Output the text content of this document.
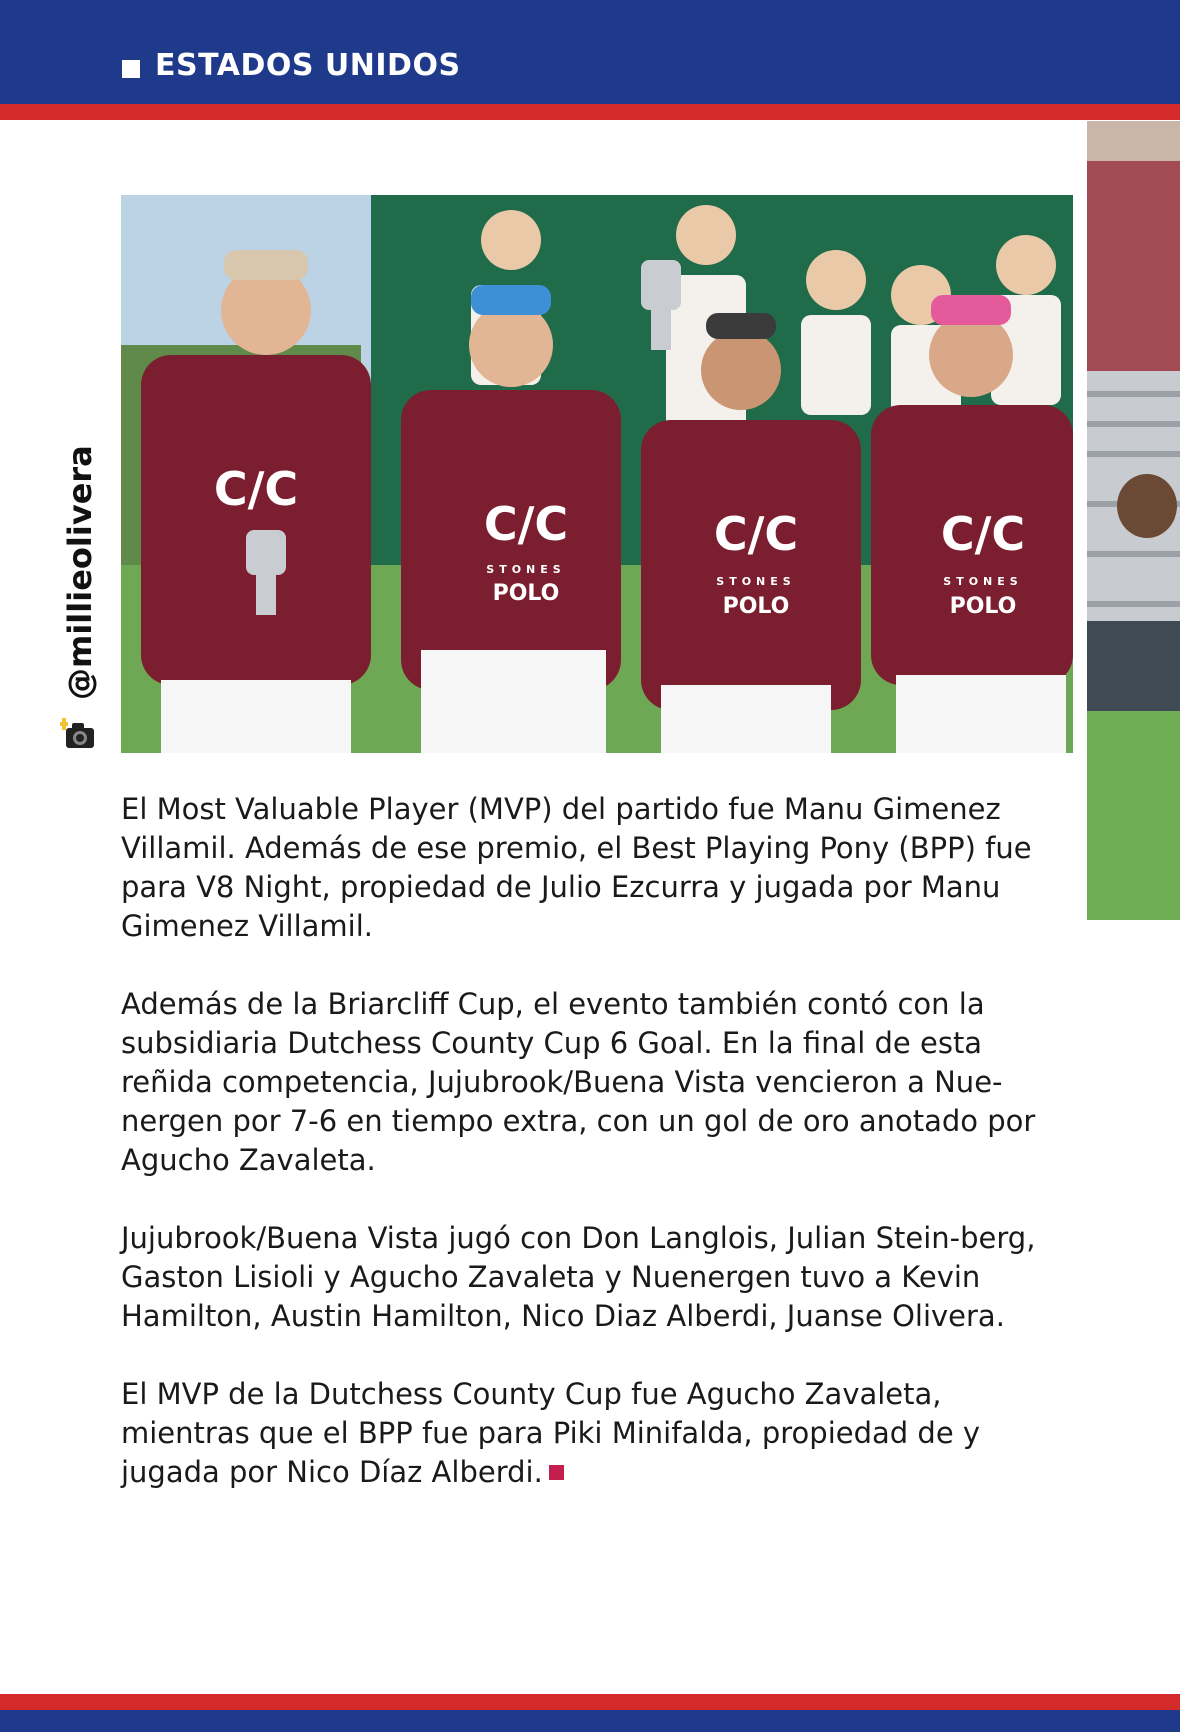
ESTADOS UNIDOS
@millieolivera C/C
C/C
STONES
POLO
C/C
STONES
POLO
C/C
STONES
POLO

El Most Valuable Player (MVP) del partido fue Manu Gimenez Villamil. Además de ese premio, el Best Playing Pony (BPP) fue para V8 Night, propiedad de Julio Ezcurra y jugada por Manu Gimenez Villamil.

Además de la Briarcliff Cup, el evento también contó con la subsidiaria Dutchess County Cup 6 Goal. En la final de esta reñida competencia, Jujubrook/Buena Vista vencieron a Nue-nergen por 7-6 en tiempo extra, con un gol de oro anotado por Agucho Zavaleta.

Jujubrook/Buena Vista jugó con Don Langlois, Julian Stein-berg, Gaston Lisioli y Agucho Zavaleta y Nuenergen tuvo a Kevin Hamilton, Austin Hamilton, Nico Diaz Alberdi, Juanse Olivera.

El MVP de la Dutchess County Cup fue Agucho Zavaleta, mientras que el BPP fue para Piki Minifalda, propiedad de y jugada por Nico Díaz Alberdi.
